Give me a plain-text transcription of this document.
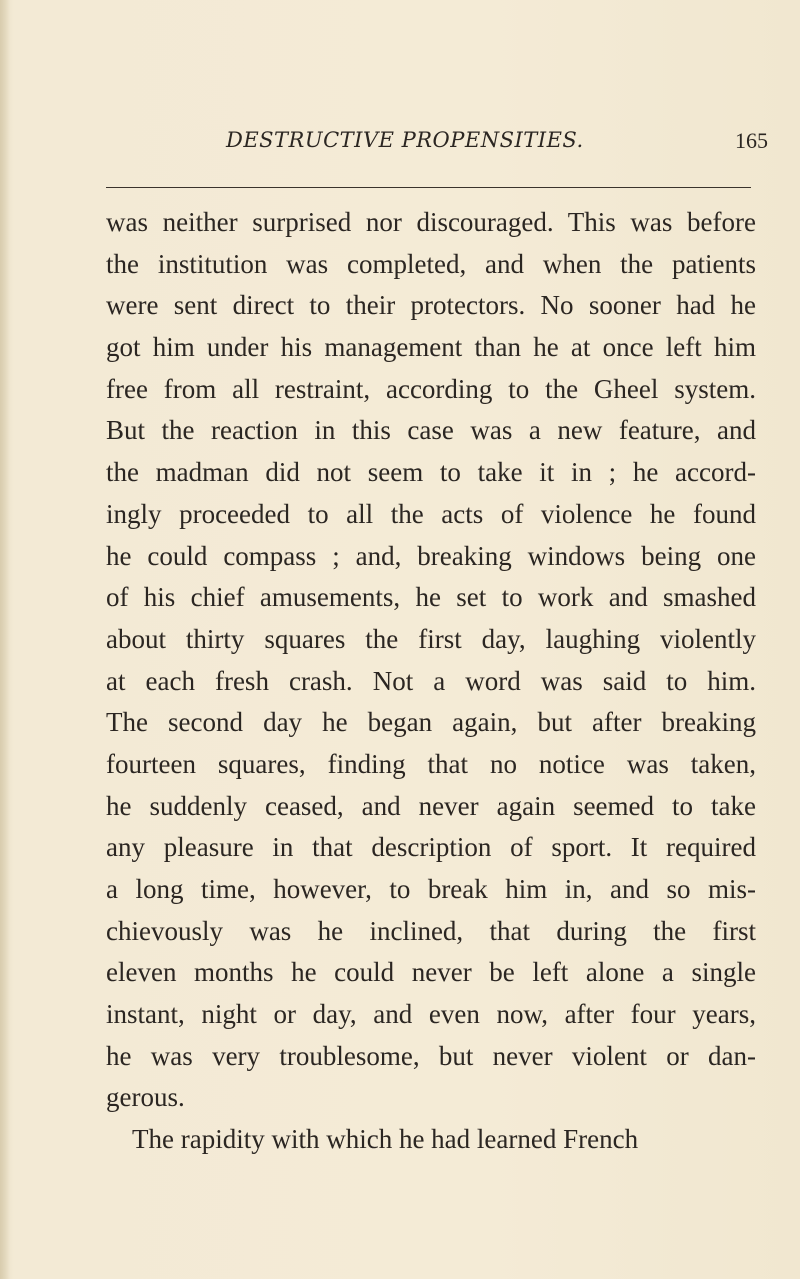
DESTRUCTIVE PROPENSITIES.	165
was neither surprised nor discouraged. This was before
the institution was completed, and when the patients
were sent direct to their protectors. No sooner had he
got him under his management than he at once left him
free from all restraint, according to the Gheel system.
But the reaction in this case was a new feature, and
the madman did not seem to take it in ; he accord-
ingly proceeded to all the acts of violence he found
he could compass ; and, breaking windows being one
of his chief amusements, he set to work and smashed
about thirty squares the first day, laughing violently
at each fresh crash. Not a word was said to him.
The second day he began again, but after breaking
fourteen squares, finding that no notice was taken,
he suddenly ceased, and never again seemed to take
any pleasure in that description of sport. It required
a long time, however, to break him in, and so mis-
chievously was he inclined, that during the first
eleven months he could never be left alone a single
instant, night or day, and even now, after four years,
he was very troublesome, but never violent or dan-
gerous.
The rapidity with which he had learned French
